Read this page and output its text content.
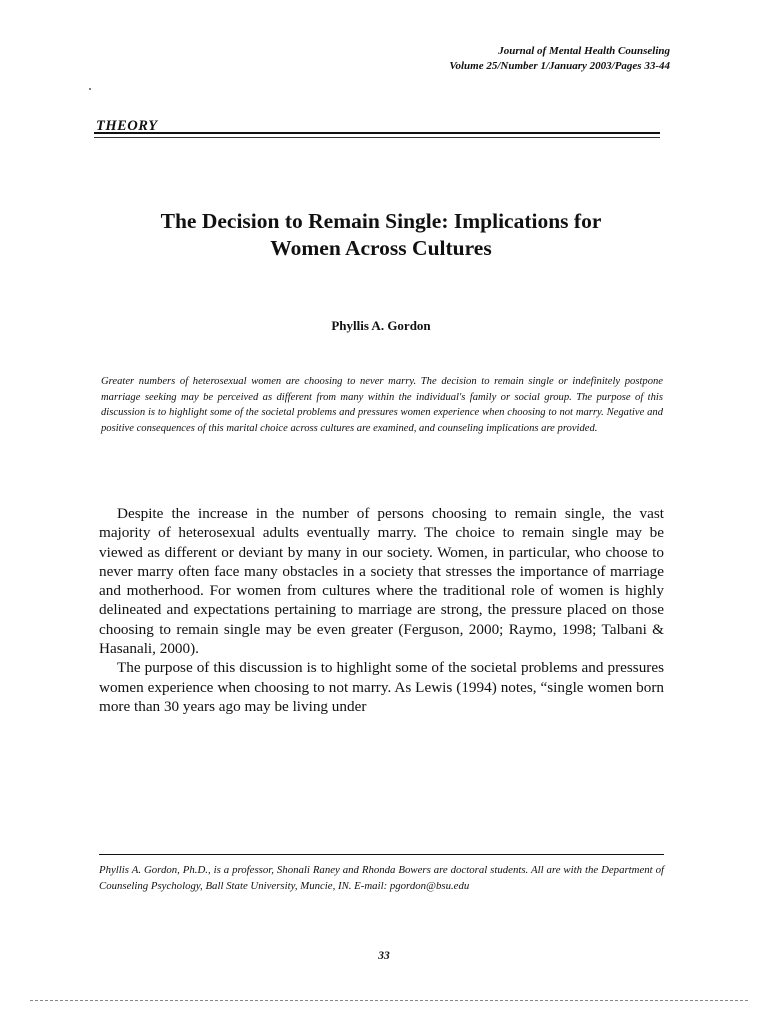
Journal of Mental Health Counseling
Volume 25/Number 1/January 2003/Pages 33-44
THEORY
The Decision to Remain Single: Implications for
Women Across Cultures
Phyllis A. Gordon

Greater numbers of heterosexual women are choosing to never marry. The decision to remain single or indefinitely postpone marriage seeking may be perceived as different from many within the individual's family or social group. The purpose of this discussion is to highlight some of the societal problems and pressures women experience when choosing to not marry. Negative and positive consequences of this marital choice across cultures are examined, and counseling implications are provided.

Despite the increase in the number of persons choosing to remain single, the vast majority of heterosexual adults eventually marry. The choice to remain single may be viewed as different or deviant by many in our society. Women, in particular, who choose to never marry often face many obstacles in a society that stresses the importance of marriage and motherhood. For women from cultures where the traditional role of women is highly delineated and expectations pertaining to marriage are strong, the pressure placed on those choosing to remain single may be even greater (Ferguson, 2000; Raymo, 1998; Talbani & Hasanali, 2000).

The purpose of this discussion is to highlight some of the societal problems and pressures women experience when choosing to not marry. As Lewis (1994) notes, “single women born more than 30 years ago may be living under

Phyllis A. Gordon, Ph.D., is a professor, Shonali Raney and Rhonda Bowers are doctoral students. All are with the Department of Counseling Psychology, Ball State University, Muncie, IN. E-mail: pgordon@bsu.edu

33
